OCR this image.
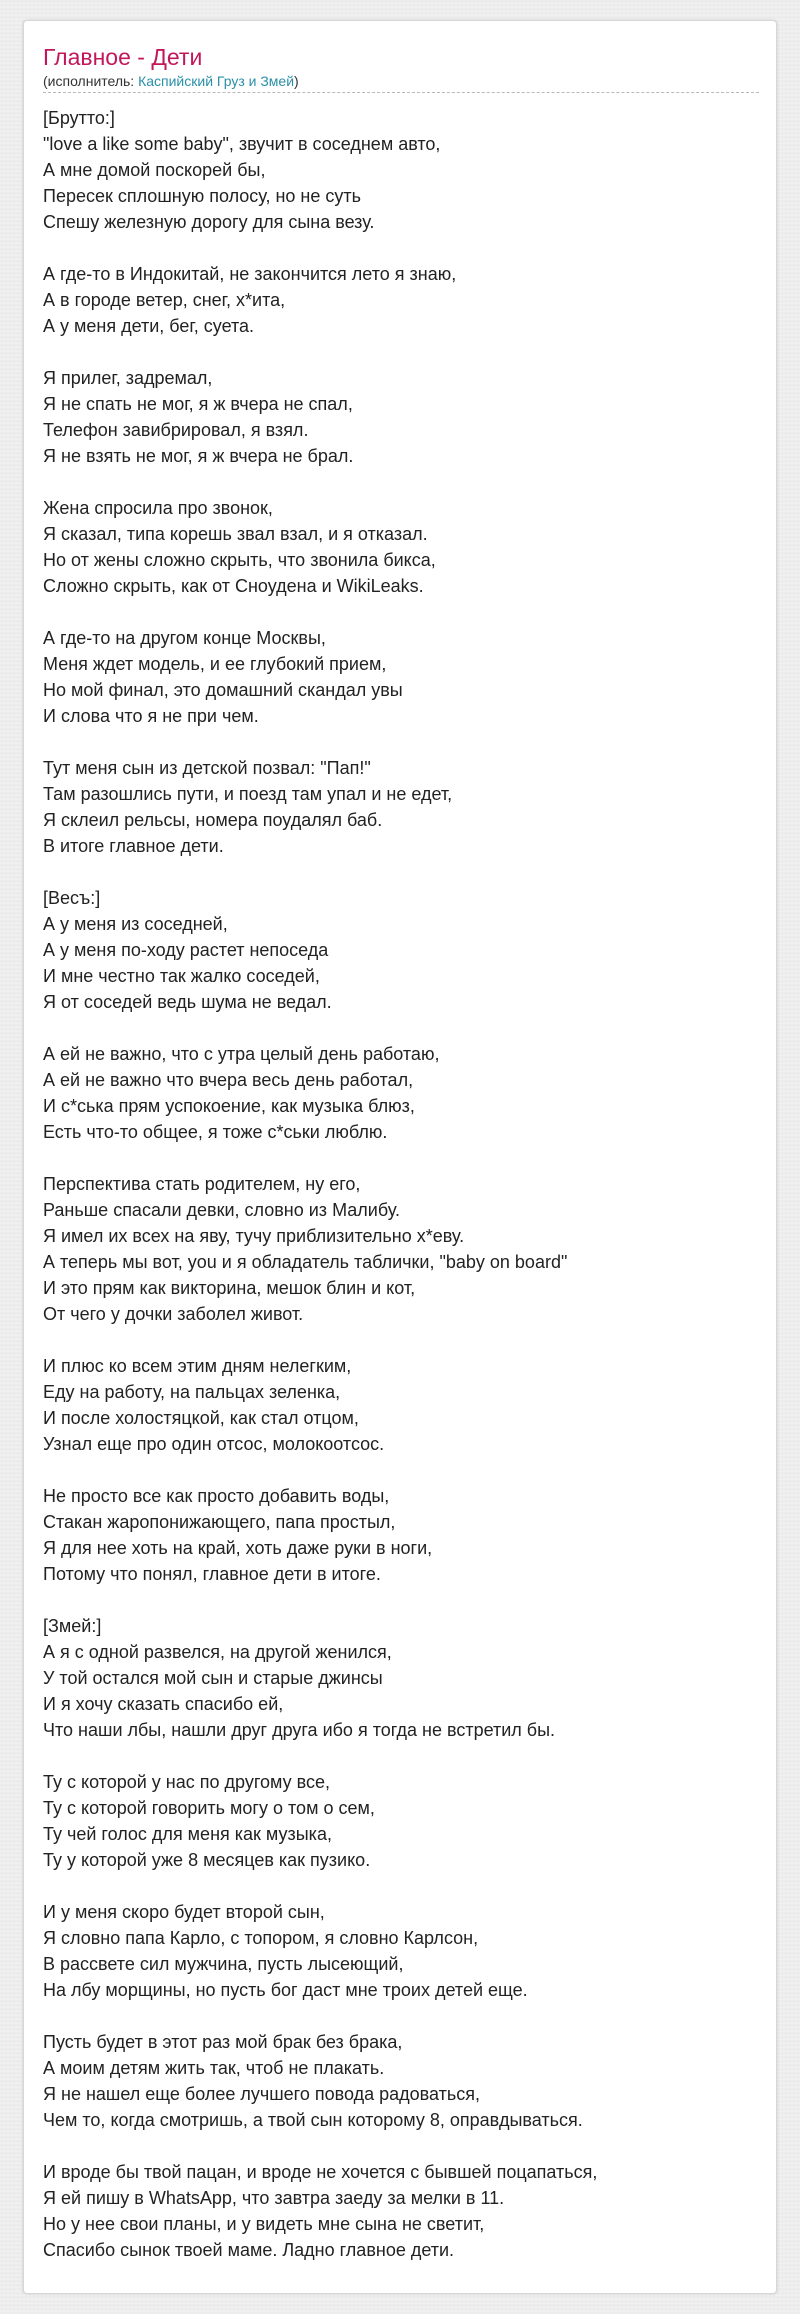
Главное - Дети
(исполнитель: Каспийский Груз и Змей)
[Брутто:]
"love a like some baby", звучит в соседнем авто,
А мне домой поскорей бы,
Пересек сплошную полосу, но не суть
Спешу железную дорогу для сына везу.
А где-то в Индокитай, не закончится лето я знаю,
А в городе ветер, снег, х*ита,
А у меня дети, бег, суета.
Я прилег, задремал,
Я не спать не мог, я ж вчера не спал,
Телефон завибрировал, я взял.
Я не взять не мог, я ж вчера не брал.
Жена спросила про звонок,
Я сказал, типа корешь звал взал, и я отказал.
Но от жены сложно скрыть, что звонила бикса,
Сложно скрыть, как от Сноудена и WikiLeaks.
А где-то на другом конце Москвы,
Меня ждет модель, и ее глубокий прием,
Но мой финал, это домашний скандал увы
И слова что я не при чем.
Тут меня сын из детской позвал: "Пап!"
Там разошлись пути, и поезд там упал и не едет,
Я склеил рельсы, номера поудалял баб.
В итоге главное дети.
[Весъ:]
А у меня из соседней,
А у меня по-ходу растет непоседа
И мне честно так жалко соседей,
Я от соседей ведь шума не ведал.
А ей не важно, что с утра целый день работаю,
А ей не важно что вчера весь день работал,
И с*ська прям успокоение, как музыка блюз,
Есть что-то общее, я тоже с*ськи люблю.
Перспектива стать родителем, ну его,
Раньше спасали девки, словно из Малибу.
Я имел их всех на яву, тучу приблизительно х*еву.
А теперь мы вот, you и я обладатель таблички, "baby on board"
И это прям как викторина, мешок блин и кот,
От чего у дочки заболел живот.
И плюс ко всем этим дням нелегким,
Еду на работу, на пальцах зеленка,
И после холостяцкой, как стал отцом,
Узнал еще про один отсос, молокоотсос.
Не просто все как просто добавить воды,
Стакан жаропонижающего, папа простыл,
Я для нее хоть на край, хоть даже руки в ноги,
Потому что понял, главное дети в итоге.
[Змей:]
А я с одной развелся, на другой женился,
У той остался мой сын и старые джинсы
И я хочу сказать спасибо ей,
Что наши лбы, нашли друг друга ибо я тогда не встретил бы.
Ту с которой у нас по другому все,
Ту с которой говорить могу о том о сем,
Ту чей голос для меня как музыка,
Ту у которой уже 8 месяцев как пузико.
И у меня скоро будет второй сын,
Я словно папа Карло, с топором, я словно Карлсон,
В рассвете сил мужчина, пусть лысеющий,
На лбу морщины, но пусть бог даст мне троих детей еще.
Пусть будет в этот раз мой брак без брака,
А моим детям жить так, чтоб не плакать.
Я не нашел еще более лучшего повода радоваться,
Чем то, когда смотришь, а твой сын которому 8, оправдываться.
И вроде бы твой пацан, и вроде не хочется с бывшей поцапаться,
Я ей пишу в WhatsApp, что завтра заеду за мелки в 11.
Но у нее свои планы, и у видеть мне сына не светит,
Спасибо сынок твоей маме. Ладно главное дети.
